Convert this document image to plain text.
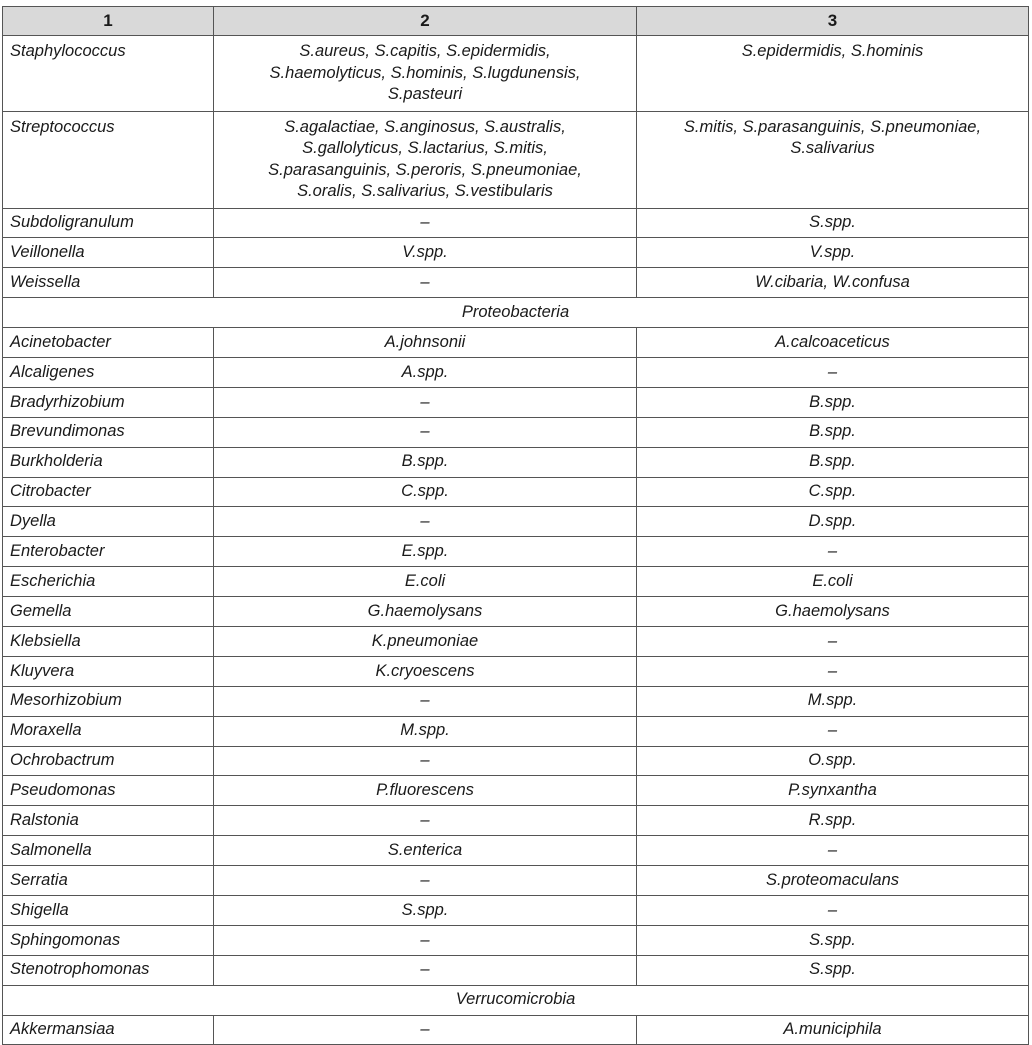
1	2	3
Staphylococcus	S.aureus, S.capitis, S.epidermidis, S.haemolyticus, S.hominis, S.lugdunensis, S.pasteuri	S.epidermidis, S.hominis
Streptococcus	S.agalactiae, S.anginosus, S.australis, S.gallolyticus, S.lactarius, S.mitis, S.parasanguinis, S.peroris, S.pneumoniae, S.oralis, S.salivarius, S.vestibularis	S.mitis, S.parasanguinis, S.pneumoniae, S.salivarius
Subdoligranulum	–	S.spp.
Veillonella	V.spp.	V.spp.
Weissella	–	W.cibaria, W.confusa
Proteobacteria		
Acinetobacter	A.johnsonii	A.calcoaceticus
Alcaligenes	A.spp.	–
Bradyrhizobium	–	B.spp.
Brevundimonas	–	B.spp.
Burkholderia	B.spp.	B.spp.
Citrobacter	C.spp.	C.spp.
Dyella	–	D.spp.
Enterobacter	E.spp.	–
Escherichia	E.coli	E.coli
Gemella	G.haemolysans	G.haemolysans
Klebsiella	K.pneumoniae	–
Kluyvera	K.cryoescens	–
Mesorhizobium	–	M.spp.
Moraxella	M.spp.	–
Ochrobactrum	–	O.spp.
Pseudomonas	P.fluorescens	P.synxantha
Ralstonia	–	R.spp.
Salmonella	S.enterica	–
Serratia	–	S.proteomaculans
Shigella	S.spp.	–
Sphingomonas	–	S.spp.
Stenotrophomonas	–	S.spp.
Verrucomicrobia		
Akkermansiaa	–	A.municiphila
